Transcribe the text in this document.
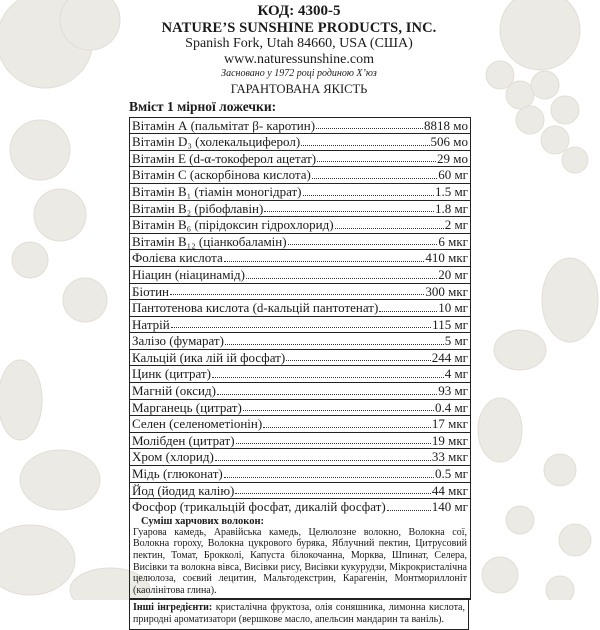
КОД: 4300-5
NATURE’S SUNSHINE PRODUCTS, INC.
Spanish Fork, Utah 84660, USA (США)
www.naturessunshine.com
Засновано у 1972 році родиною Х’юз
ГАРАНТОВАНА ЯКІСТЬ
Вміст 1 мірної ложечки:
Вітамін А (пальмітат β- каротин)	8818 мо
Вітамін D₃ (холекальциферол)	506 мо
Вітамін Е (d-α-токоферол ацетат)	29 мо
Вітамін С (аскорбінова кислота)	60 мг
Вітамін В₁ (тіамін моногідрат)	1.5 мг
Вітамін В₂ (рібофлавін)	1.8 мг
Вітамін В₆ (пірідоксин гідрохлорид)	2 мг
Вітамін В₁₂ (ціанкобаламін)	6 мкг
Фолієва кислота	410 мкг
Ніацин (ніацинамід)	20 мг
Біотин	300 мкг
Пантотенова кислота (d-кальцій пантотенат)	10 мг
Натрій	115 мг
Залізо (фумарат)	5 мг
Кальцій (ика лій ій фосфат)	244 мг
Цинк (цитрат)	4 мг
Магній (оксид)	93 мг
Марганець (цитрат)	0.4 мг
Селен (селенометіонін)	17 мкг
Молібден (цитрат)	19 мкг
Хром (хлорид)	33 мкг
Мідь (глюконат)	0.5 мг
Йод (йодид калію)	44 мкг
Фосфор (трикальцій фосфат, дикалій фосфат)	140 мг
Суміш харчових волокон:
Гуарова камедь, Аравійська камедь, Целюлозне волокно, Волокна сої, Волокна гороху, Волокна цукрового буряка, Яблучний пектин, Цитрусовий пектин, Томат, Брокколі, Капуста білокочанна, Морква, Шпинат, Селера, Висівки та волокна вівса, Висівки рису, Висівки кукурудзи, Мікрокристалічна целюлоза, соєвий лецитин, Мальтодекстрин, Карагенін, Монтмориллоніт (каолінітова глина).
Інші інгредієнти: кристалічна фруктоза, олія соняшника, лимонна кислота, природні ароматизатори (вершкове масло, апельсин мандарин та ваніль).
